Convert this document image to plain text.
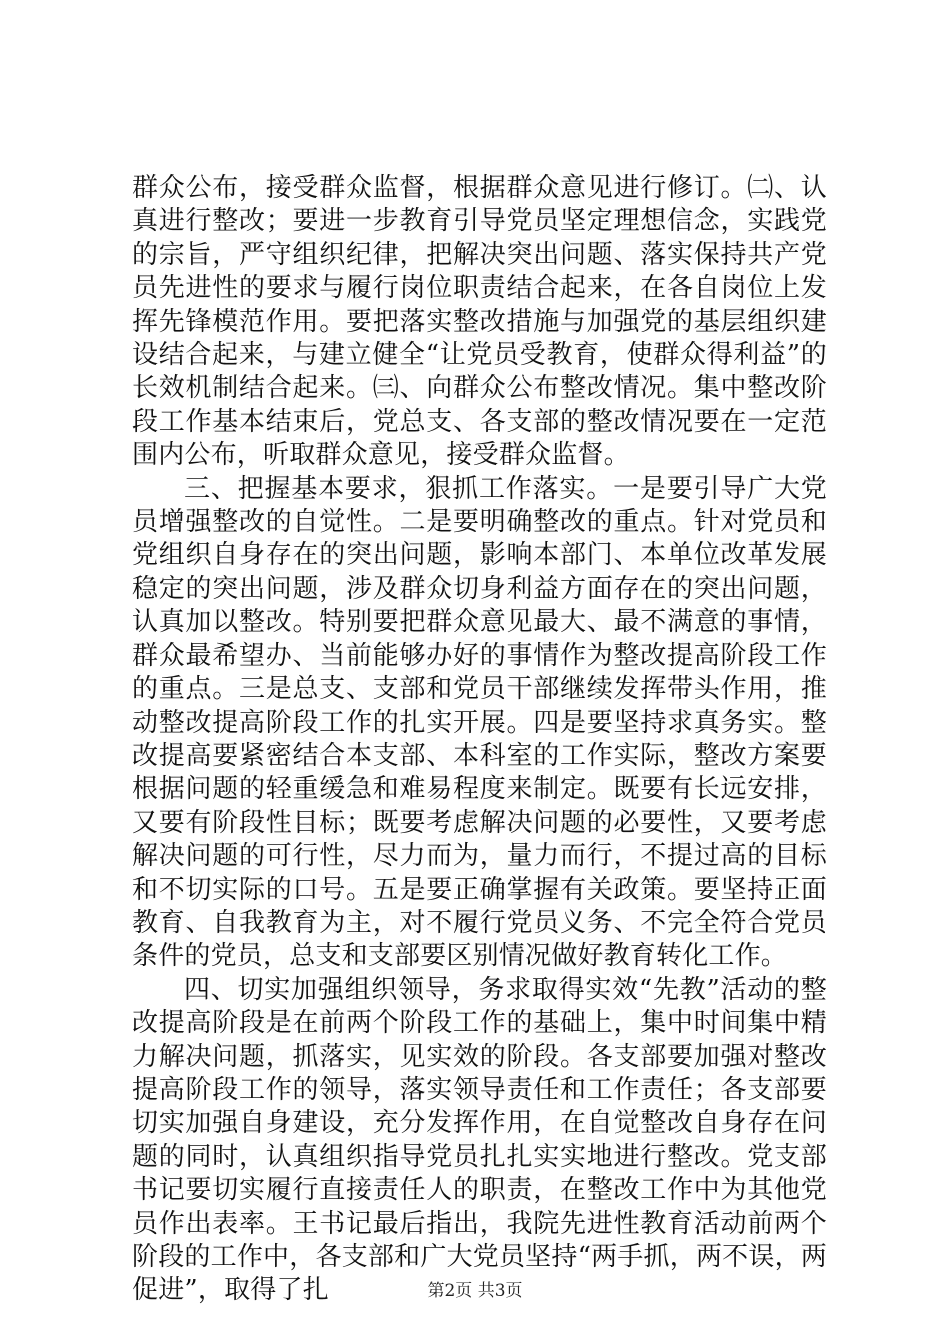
群众公布，接受群众监督，根据群众意见进行修订。㈡、认真进行整改；要进一步教育引导党员坚定理想信念，实践党的宗旨，严守组织纪律，把解决突出问题、落实保持共产党员先进性的要求与履行岗位职责结合起来，在各自岗位上发挥先锋模范作用。要把落实整改措施与加强党的基层组织建设结合起来，与建立健全“让党员受教育，使群众得利益”的长效机制结合起来。㈢、向群众公布整改情况。集中整改阶段工作基本结束后，党总支、各支部的整改情况要在一定范围内公布，听取群众意见，接受群众监督。

三、把握基本要求，狠抓工作落实。一是要引导广大党员增强整改的自觉性。二是要明确整改的重点。针对党员和党组织自身存在的突出问题，影响本部门、本单位改革发展稳定的突出问题，涉及群众切身利益方面存在的突出问题，认真加以整改。特别要把群众意见最大、最不满意的事情，群众最希望办、当前能够办好的事情作为整改提高阶段工作的重点。三是总支、支部和党员干部继续发挥带头作用，推动整改提高阶段工作的扎实开展。四是要坚持求真务实。整改提高要紧密结合本支部、本科室的工作实际，整改方案要根据问题的轻重缓急和难易程度来制定。既要有长远安排，又要有阶段性目标；既要考虑解决问题的必要性，又要考虑解决问题的可行性，尽力而为，量力而行，不提过高的目标和不切实际的口号。五是要正确掌握有关政策。要坚持正面教育、自我教育为主，对不履行党员义务、不完全符合党员条件的党员，总支和支部要区别情况做好教育转化工作。

四、切实加强组织领导，务求取得实效“先教”活动的整改提高阶段是在前两个阶段工作的基础上，集中时间集中精力解决问题，抓落实，见实效的阶段。各支部要加强对整改提高阶段工作的领导，落实领导责任和工作责任；各支部要切实加强自身建设，充分发挥作用，在自觉整改自身存在问题的同时，认真组织指导党员扎扎实实地进行整改。党支部书记要切实履行直接责任人的职责，在整改工作中为其他党员作出表率。王书记最后指出，我院先进性教育活动前两个阶段的工作中，各支部和广大党员坚持“两手抓，两不误，两促进”，取得了扎	第2页 共3页
